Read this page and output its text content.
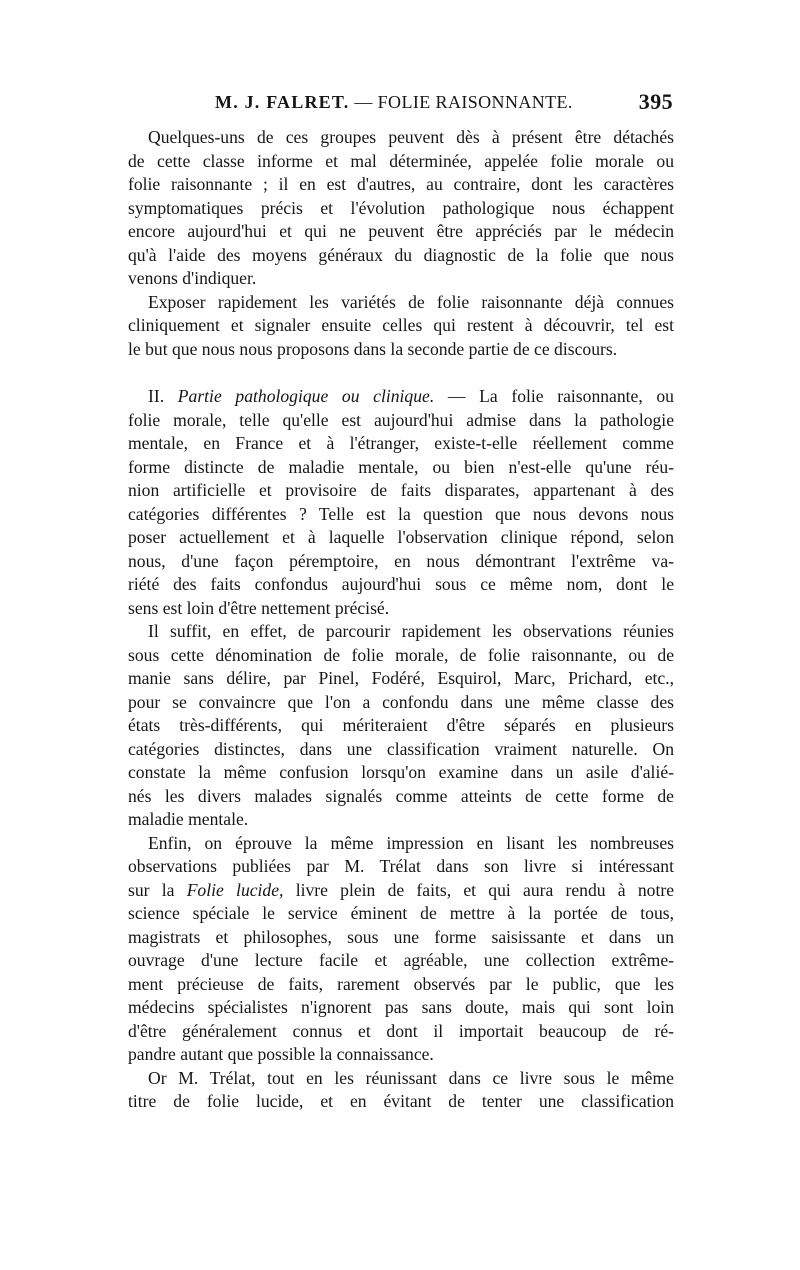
M. J. FALRET. — FOLIE RAISONNANTE.	395
Quelques-uns de ces groupes peuvent dès à présent être détachés
de cette classe informe et mal déterminée, appelée folie morale ou
folie raisonnante ; il en est d'autres, au contraire, dont les caractères
symptomatiques précis et l'évolution pathologique nous échappent
encore aujourd'hui et qui ne peuvent être appréciés par le médecin
qu'à l'aide des moyens généraux du diagnostic de la folie que nous
venons d'indiquer.
Exposer rapidement les variétés de folie raisonnante déjà connues
cliniquement et signaler ensuite celles qui restent à découvrir, tel est
le but que nous nous proposons dans la seconde partie de ce discours.
II. Partie pathologique ou clinique. — La folie raisonnante, ou
folie morale, telle qu'elle est aujourd'hui admise dans la pathologie
mentale, en France et à l'étranger, existe-t-elle réellement comme
forme distincte de maladie mentale, ou bien n'est-elle qu'une réu-
nion artificielle et provisoire de faits disparates, appartenant à des
catégories différentes ? Telle est la question que nous devons nous
poser actuellement et à laquelle l'observation clinique répond, selon
nous, d'une façon péremptoire, en nous démontrant l'extrême va-
riété des faits confondus aujourd'hui sous ce même nom, dont le
sens est loin d'être nettement précisé.
Il suffit, en effet, de parcourir rapidement les observations réunies
sous cette dénomination de folie morale, de folie raisonnante, ou de
manie sans délire, par Pinel, Fodéré, Esquirol, Marc, Prichard, etc.,
pour se convaincre que l'on a confondu dans une même classe des
états très-différents, qui mériteraient d'être séparés en plusieurs
catégories distinctes, dans une classification vraiment naturelle. On
constate la même confusion lorsqu'on examine dans un asile d'alié-
nés les divers malades signalés comme atteints de cette forme de
maladie mentale.
Enfin, on éprouve la même impression en lisant les nombreuses
observations publiées par M. Trélat dans son livre si intéressant
sur la Folie lucide, livre plein de faits, et qui aura rendu à notre
science spéciale le service éminent de mettre à la portée de tous,
magistrats et philosophes, sous une forme saisissante et dans un
ouvrage d'une lecture facile et agréable, une collection extrême-
ment précieuse de faits, rarement observés par le public, que les
médecins spécialistes n'ignorent pas sans doute, mais qui sont loin
d'être généralement connus et dont il importait beaucoup de ré-
pandre autant que possible la connaissance.
Or M. Trélat, tout en les réunissant dans ce livre sous le même
titre de folie lucide, et en évitant de tenter une classification
